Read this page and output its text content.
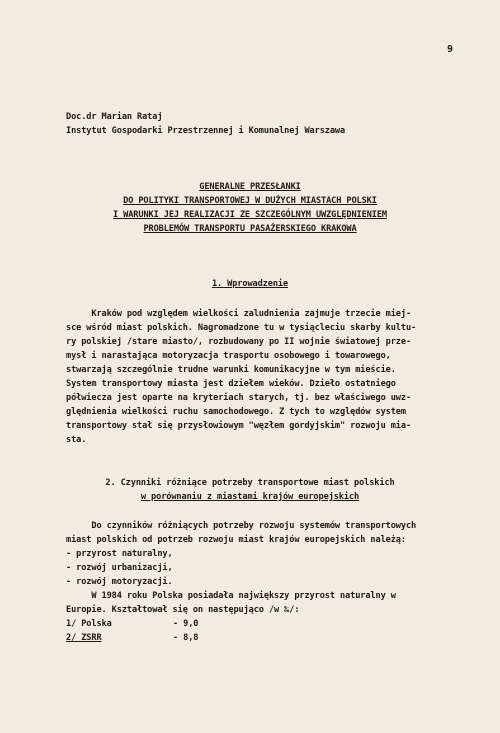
9
Doc.dr Marian Rataj
Instytut Gospodarki Przestrzennej i Komunalnej Warszawa
GENERALNE PRZESŁANKI
DO POLITYKI TRANSPORTOWEJ W DUŻYCH MIASTACH POLSKI
I WARUNKI JEJ REALIZACJI ZE SZCZEGÓLNYM UWZGLĘDNIENIEM
PROBLEMÓW TRANSPORTU PASAŻERSKIEGO KRAKOWA
1. Wprowadzenie
Kraków pod względem wielkości zaludnienia zajmuje trzecie miej-
sce wśród miast polskich. Nagromadzone tu w tysiącleciu skarby kultu-
ry polskiej /stare miasto/, rozbudowany po II wojnie światowej prze-
mysł i narastająca motoryzacja trasportu osobowego i towarowego,
stwarzają szczególnie trudne warunki komunikacyjne w tym mieście.
System transportowy miasta jest dziełem wieków. Dzieło ostatniego
półwiecza jest oparte na kryteriach starych, tj. bez właściwego uwz-
ględnienia wielkości ruchu samochodowego. Z tych to względów system
transportowy stał się przysłowiowym "węzłem gordyjskim" rozwoju mia-
sta.
2. Czynniki różniące potrzeby transportowe miast polskich
w porównaniu z miastami krajów europejskich
Do czynników różniących potrzeby rozwoju systemów transportowych
miast polskich od potrzeb rozwoju miast krajów europejskich należą:
- przyrost naturalny,
- rozwój urbanizacji,
- rozwój motoryzacji.
W 1984 roku Polska posiadała największy przyrost naturalny w
Europie. Kształtował się on następująco /w ‰/:
1/ Polska	- 9,0
2/ ZSRR	- 8,8
